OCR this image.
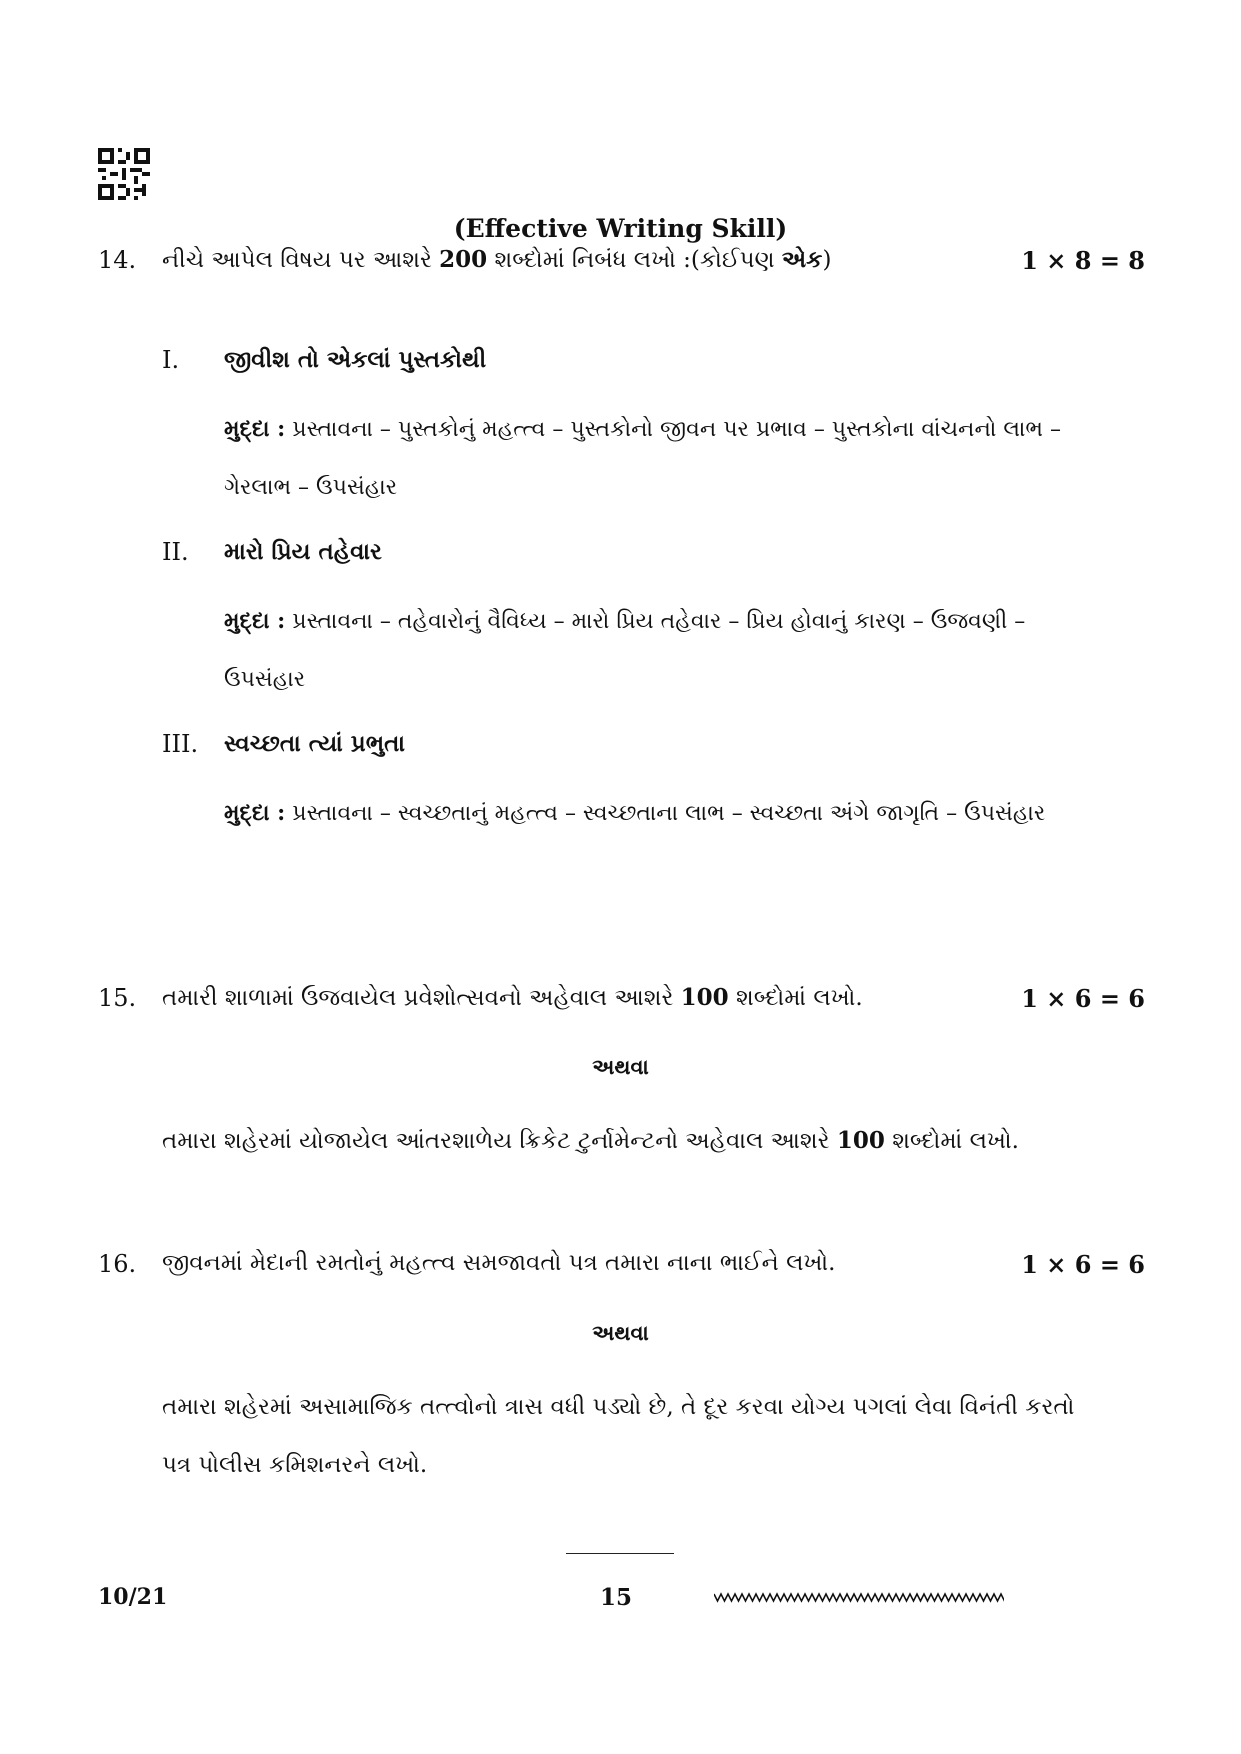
(Effective Writing Skill)
14. નીચે આપેલ વિષય પર આશરે 200 શબ્દોમાં નિબંધ લખો :(કોઈપણ એક)	1 × 8 = 8
I. જીવીશ તો એકલાં પુસ્તકોથી
મુદ્દા : પ્રસ્તાવના – પુસ્તકોનું મહત્ત્વ – પુસ્તકોનો જીવન પર પ્રભાવ – પુસ્તકોના વાંચનનો લાભ – ગેરલાભ – ઉપસંહાર
II. મારો પ્રિય તહેવાર
મુદ્દા : પ્રસ્તાવના – તહેવારોનું વૈવિધ્ય – મારો પ્રિય તહેવાર – પ્રિય હોવાનું કારણ – ઉજવણી – ઉપસંહાર
III. સ્વચ્છતા ત્યાં પ્રભુતા
મુદ્દા : પ્રસ્તાવના – સ્વચ્છતાનું મહત્ત્વ – સ્વચ્છતાના લાભ – સ્વચ્છતા અંગે જાગૃતિ – ઉપસંહાર
15. તમારી શાળામાં ઉજવાયેલ પ્રવેશોત્સવનો અહેવાલ આશરે 100 શબ્દોમાં લખો.	1 × 6 = 6
અથવા
તમારા શહેરમાં યોજાયેલ આંતરશાળેય ક્રિકેટ ટુર્નામેન્ટનો અહેવાલ આશરે 100 શબ્દોમાં લખો.
16. જીવનમાં મેદાની રમતોનું મહત્ત્વ સમજાવતો પત્ર તમારા નાના ભાઈને લખો.	1 × 6 = 6
અથવા
તમારા શહેરમાં અસામાજિક તત્ત્વોનો ત્રાસ વધી પડ્યો છે, તે દૂર કરવા યોગ્ય પગલાં લેવા વિનંતી કરતો પત્ર પોલીસ કમિશનરને લખો.
10/21	15
